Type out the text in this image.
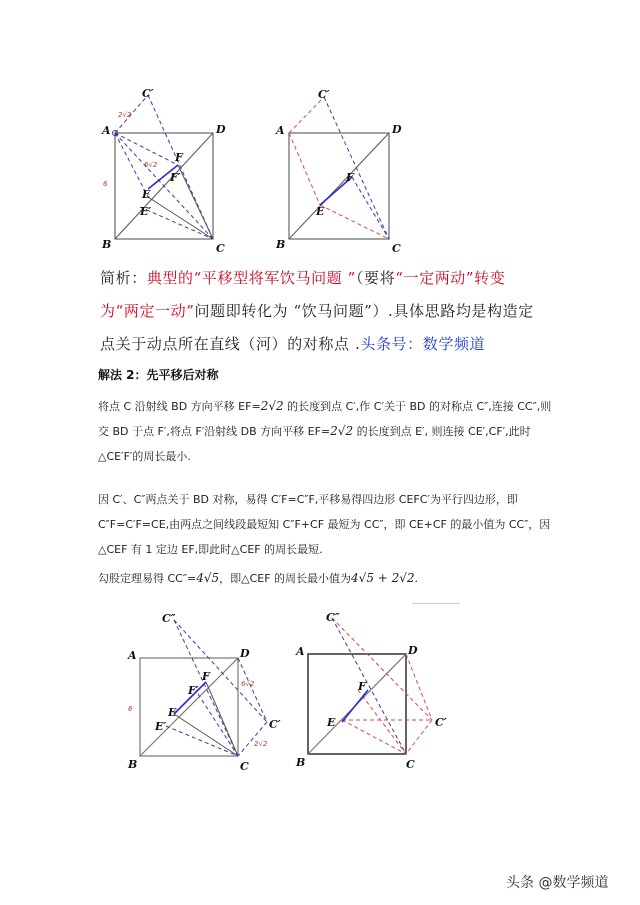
A
B	C
D
C′
E
E′
F
F′
6
2√2
6√2
A
B	C
D
C′
E
F
简析：典型的“平移型将军饮马问题 ”（要将“一定两动”转变为“两定一动”问题即转化为 “饮马问题”）.具体思路均是构造定点关于动点所在直线（河）的对称点 .头条号：数学频道
解法 2：先平移后对称
将点 C 沿射线 BD 方向平移 EF=2√2 的长度到点 C′,作 C′关于 BD 的对称点 C″,连接 CC″,则交 BD 于点 F′,将点 F′沿射线 DB 方向平移 EF=2√2 的长度到点 E′, 则连接 CE′,CF′,此时△CE′F′的周长最小.
因 C′、C″两点关于 BD 对称，易得 C′F=C″F,平移易得四边形 CEFC′为平行四边形，即 C″F=C′F=CE,由两点之间线段最短知 C″F+CF 最短为 CC″，即 CE+CF 的最小值为 CC″，因△CEF 有 1 定边 EF,即此时△CEF 的周长最短.
勾股定理易得 CC″=4√5，即△CEF 的周长最小值为4√5 + 2√2.
A
B	C
D
C″
C′
E
E′
F
F′
6
6√2
2√2
A
B	C
D
C″
C′
E
F
头条 @数学频道
